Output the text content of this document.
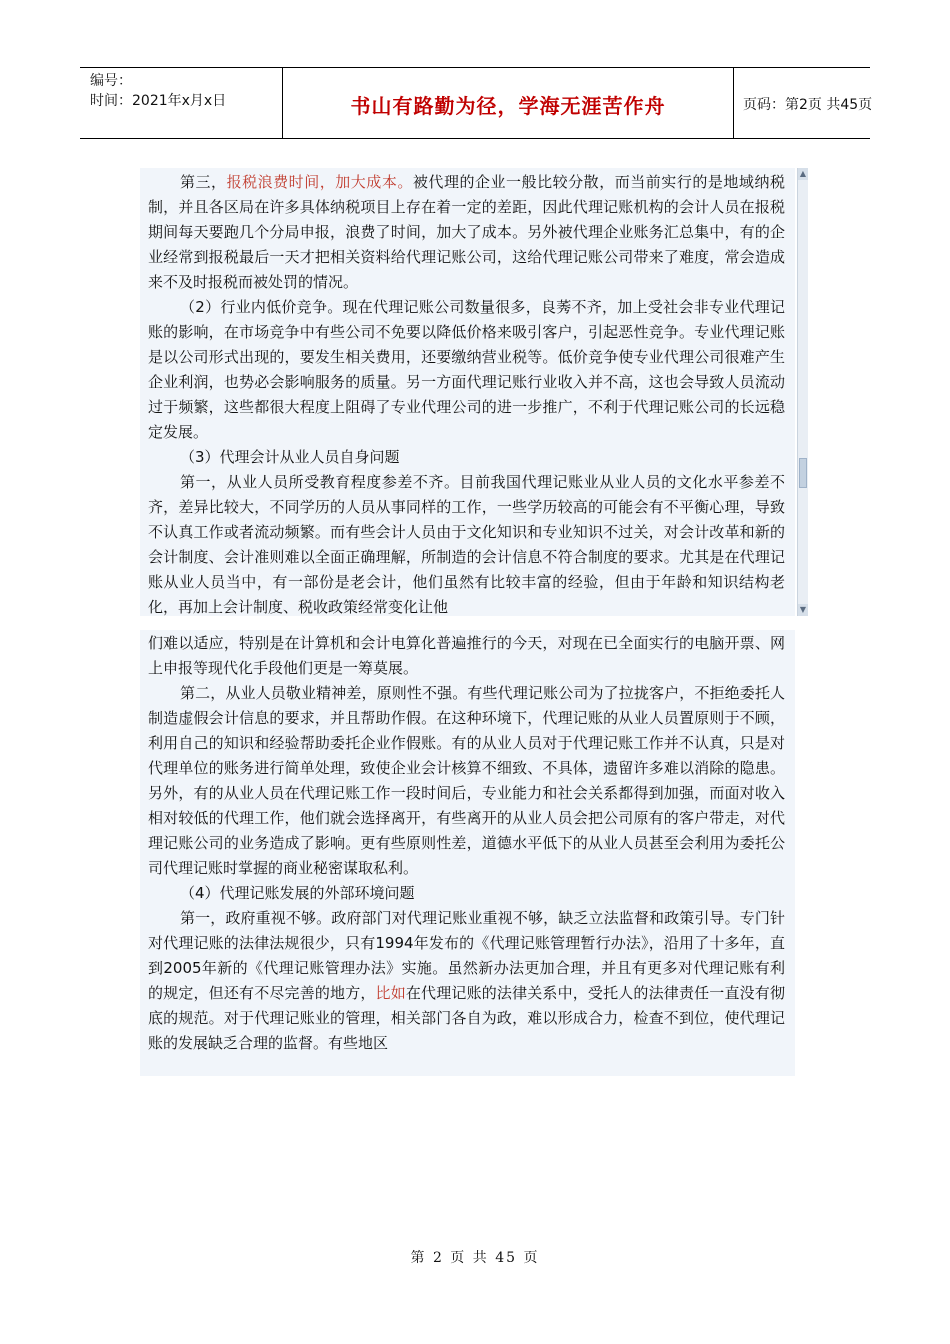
编号：
时间：2021年x月x日	书山有路勤为径，学海无涯苦作舟	页码：第2页 共45页

第三，报税浪费时间，加大成本。被代理的企业一般比较分散，而当前实行的是地域纳税制，并且各区局在许多具体纳税项目上存在着一定的差距，因此代理记账机构的会计人员在报税期间每天要跑几个分局申报，浪费了时间，加大了成本。另外被代理企业账务汇总集中，有的企业经常到报税最后一天才把相关资料给代理记账公司，这给代理记账公司带来了难度，常会造成来不及时报税而被处罚的情况。

（2）行业内低价竞争。现在代理记账公司数量很多，良莠不齐，加上受社会非专业代理记账的影响，在市场竞争中有些公司不免要以降低价格来吸引客户，引起恶性竞争。专业代理记账是以公司形式出现的，要发生相关费用，还要缴纳营业税等。低价竞争使专业代理公司很难产生企业利润，也势必会影响服务的质量。另一方面代理记账行业收入并不高，这也会导致人员流动过于频繁，这些都很大程度上阻碍了专业代理公司的进一步推广，不利于代理记账公司的长远稳定发展。

（3）代理会计从业人员自身问题

第一，从业人员所受教育程度参差不齐。目前我国代理记账业从业人员的文化水平参差不齐，差异比较大，不同学历的人员从事同样的工作，一些学历较高的可能会有不平衡心理，导致不认真工作或者流动频繁。而有些会计人员由于文化知识和专业知识不过关，对会计改革和新的会计制度、会计准则难以全面正确理解，所制造的会计信息不符合制度的要求。尤其是在代理记账从业人员当中，有一部份是老会计，他们虽然有比较丰富的经验，但由于年龄和知识结构老化，再加上会计制度、税收政策经常变化让他

▲
▼

们难以适应，特别是在计算机和会计电算化普遍推行的今天，对现在已全面实行的电脑开票、网上申报等现代化手段他们更是一筹莫展。

第二，从业人员敬业精神差，原则性不强。有些代理记账公司为了拉拢客户，不拒绝委托人制造虚假会计信息的要求，并且帮助作假。在这种环境下，代理记账的从业人员置原则于不顾，利用自己的知识和经验帮助委托企业作假账。有的从业人员对于代理记账工作并不认真，只是对代理单位的账务进行简单处理，致使企业会计核算不细致、不具体，遗留许多难以消除的隐患。另外，有的从业人员在代理记账工作一段时间后，专业能力和社会关系都得到加强，而面对收入相对较低的代理工作，他们就会选择离开，有些离开的从业人员会把公司原有的客户带走，对代理记账公司的业务造成了影响。更有些原则性差，道德水平低下的从业人员甚至会利用为委托公司代理记账时掌握的商业秘密谋取私利。

（4）代理记账发展的外部环境问题

第一，政府重视不够。政府部门对代理记账业重视不够，缺乏立法监督和政策引导。专门针对代理记账的法律法规很少，只有1994年发布的《代理记账管理暂行办法》，沿用了十多年，直到2005年新的《代理记账管理办法》实施。虽然新办法更加合理，并且有更多对代理记账有利的规定，但还有不尽完善的地方，比如在代理记账的法律关系中，受托人的法律责任一直没有彻底的规范。对于代理记账业的管理，相关部门各自为政，难以形成合力，检查不到位，使代理记账的发展缺乏合理的监督。有些地区

第 2 页 共 45 页
